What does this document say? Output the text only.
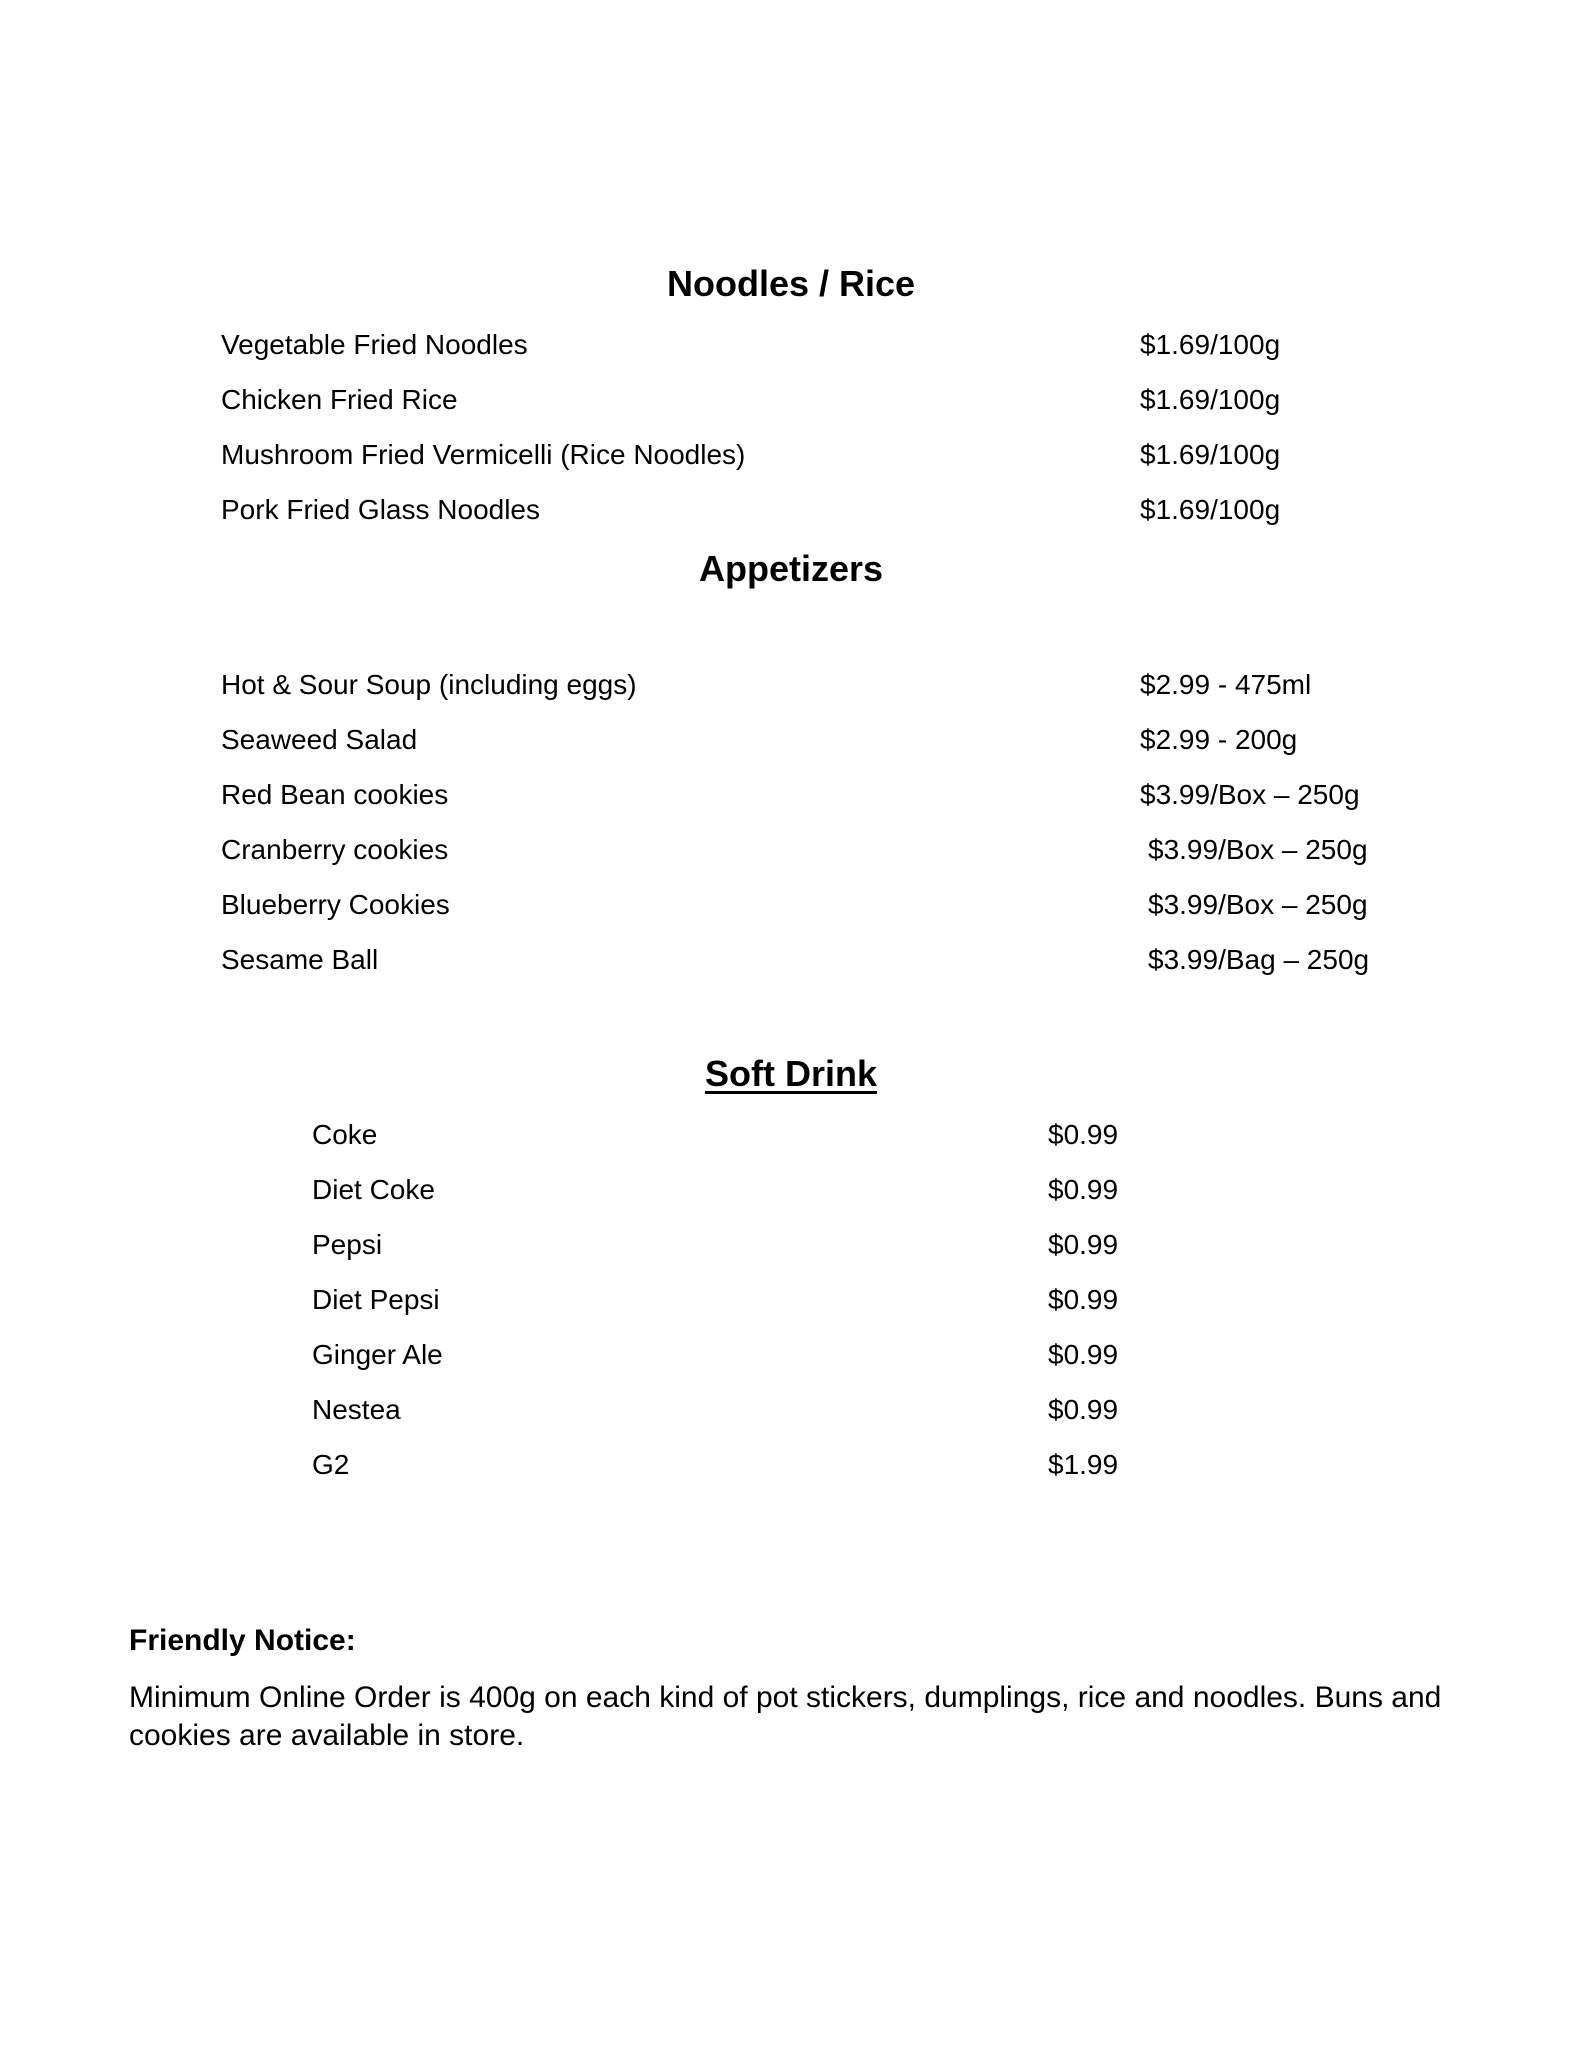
Noodles / Rice
Vegetable Fried Noodles	$1.69/100g
Chicken Fried Rice	$1.69/100g
Mushroom Fried Vermicelli (Rice Noodles)	$1.69/100g
Pork Fried Glass Noodles	$1.69/100g
Appetizers
Hot & Sour Soup (including eggs)	$2.99 - 475ml
Seaweed Salad	$2.99 - 200g
Red Bean cookies	$3.99/Box – 250g
Cranberry cookies	$3.99/Box – 250g
Blueberry Cookies	$3.99/Box – 250g
Sesame Ball	$3.99/Bag – 250g
Soft Drink
Coke	$0.99
Diet Coke	$0.99
Pepsi	$0.99
Diet Pepsi	$0.99
Ginger Ale	$0.99
Nestea	$0.99
G2	$1.99

Friendly Notice:

Minimum Online Order is 400g on each kind of pot stickers, dumplings, rice and noodles. Buns and cookies are available in store.
